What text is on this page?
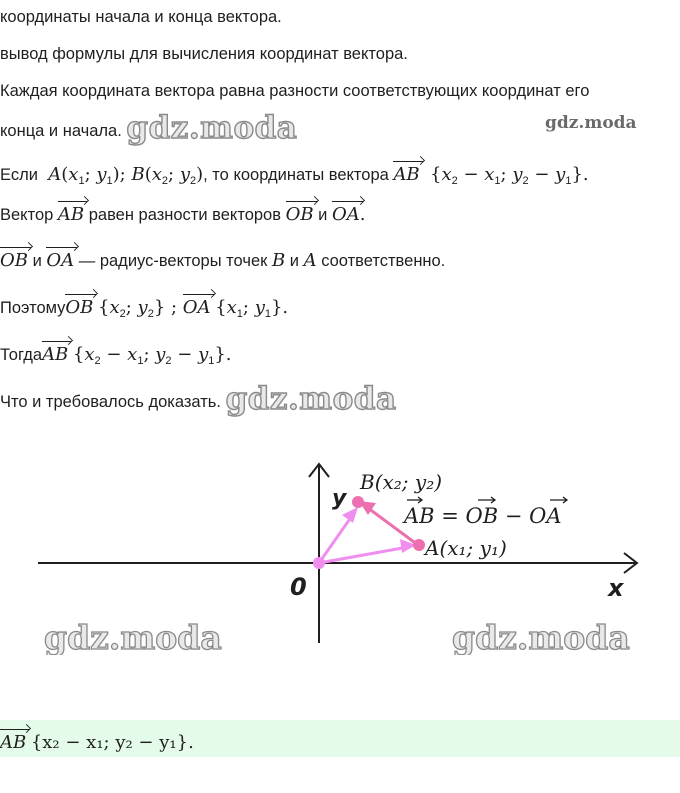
координаты начала и конца вектора.
вывод формулы для вычисления координат вектора.
Каждая координата вектора равна разности соответствующих координат его
конца и начала. gdz.moda	gdz.moda
Если $A(x_1$; $y_1$); $B(x_2$; $y_2$), то координаты вектора AB  {$x_2 - x_1$; $y_2 - y_1$}.
Вектор AB равен разности векторов OB и OA.
OB и OA — радиус-векторы точек B и A соответственно.
ПоэтомуOB {$x_2$; $y_2$} ; OA {$x_1$; $y_1$}.
ТогдаAB {$x_2 - x_1$; $y_2 - y_1$}.
Что и требовалось доказать. gdz.moda
0	x
y
B(x₂; y₂)
A(x₁; y₁)
AB = OB − OA
gdz.moda	gdz.moda
AB {x₂ − x₁; y₂ − y₁}.
